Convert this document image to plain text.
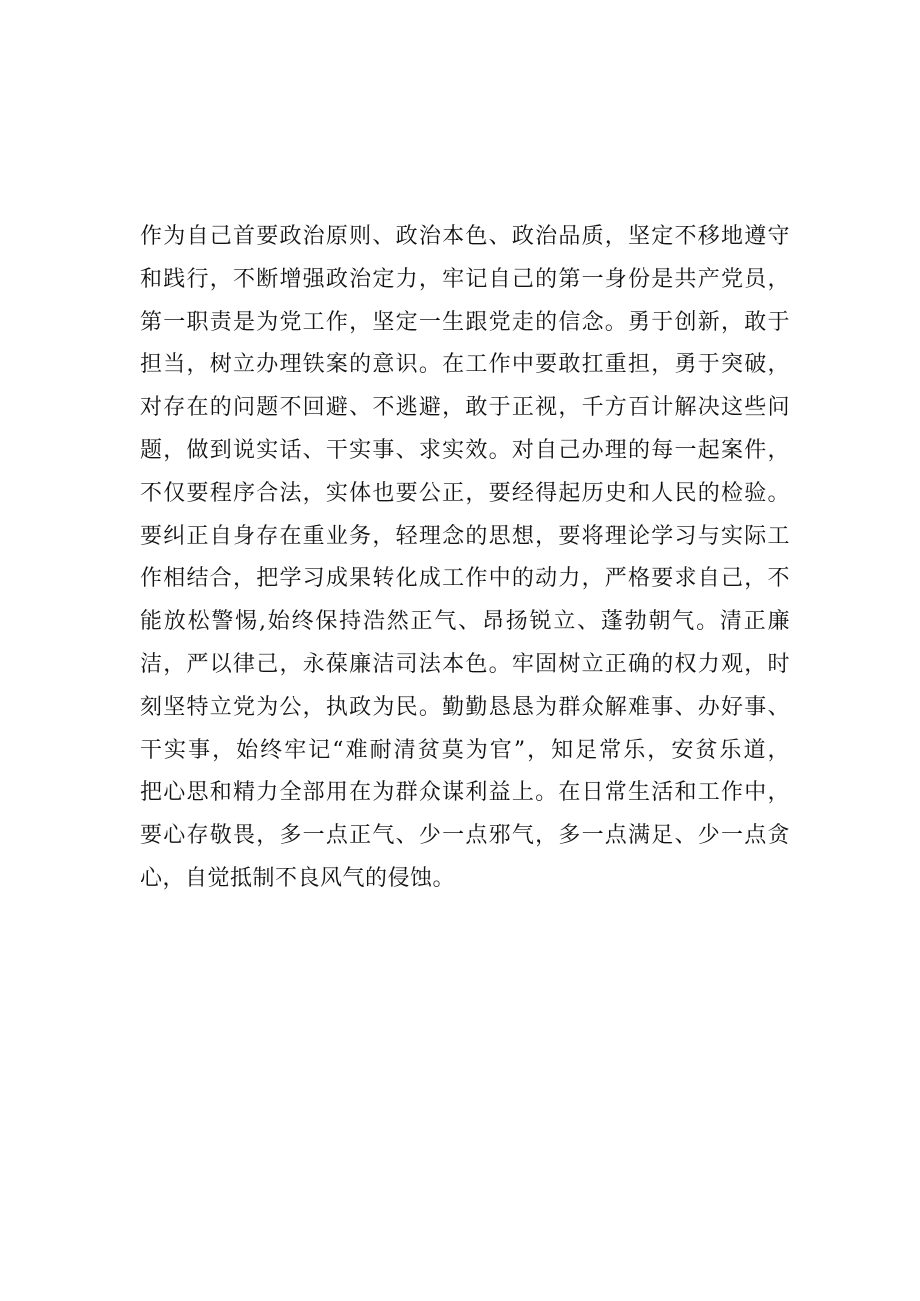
作为自己首要政治原则、政治本色、政治品质，坚定不移地遵守
和践行，不断增强政治定力，牢记自己的第一身份是共产党员，
第一职责是为党工作，坚定一生跟党走的信念。勇于创新，敢于
担当，树立办理铁案的意识。在工作中要敢扛重担，勇于突破，
对存在的问题不回避、不逃避，敢于正视，千方百计解决这些问
题，做到说实话、干实事、求实效。对自己办理的每一起案件，
不仅要程序合法，实体也要公正，要经得起历史和人民的检验。
要纠正自身存在重业务，轻理念的思想，要将理论学习与实际工
作相结合，把学习成果转化成工作中的动力，严格要求自己，不
能放松警惕,始终保持浩然正气、昂扬锐立、蓬勃朝气。清正廉
洁，严以律己，永葆廉洁司法本色。牢固树立正确的权力观，时
刻坚特立党为公，执政为民。勤勤恳恳为群众解难事、办好事、
干实事，始终牢记“难耐清贫莫为官”，知足常乐，安贫乐道，
把心思和精力全部用在为群众谋利益上。在日常生活和工作中，
要心存敬畏，多一点正气、少一点邪气，多一点满足、少一点贪
心，自觉抵制不良风气的侵蚀。
